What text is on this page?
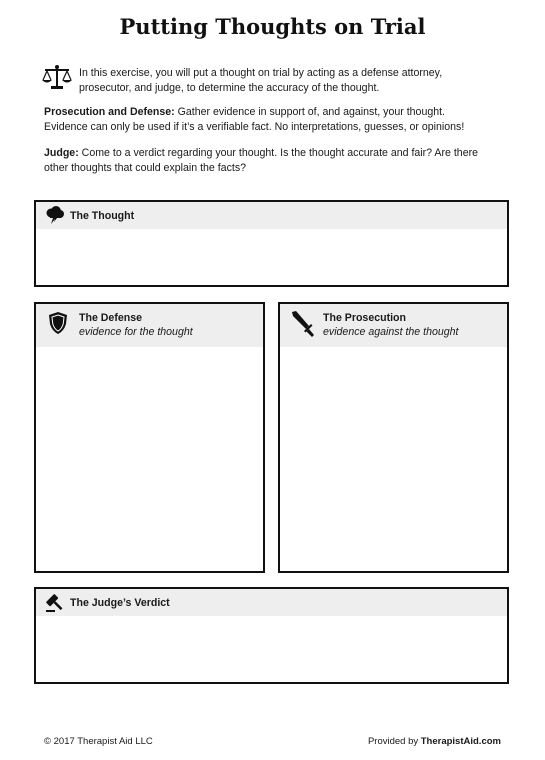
Putting Thoughts on Trial
In this exercise, you will put a thought on trial by acting as a defense attorney, prosecutor, and judge, to determine the accuracy of the thought.
Prosecution and Defense: Gather evidence in support of, and against, your thought. Evidence can only be used if it’s a verifiable fact. No interpretations, guesses, or opinions!
Judge: Come to a verdict regarding your thought. Is the thought accurate and fair? Are there other thoughts that could explain the facts?
The Thought
The Defense
evidence for the thought
The Prosecution
evidence against the thought
The Judge’s Verdict
© 2017 Therapist Aid LLC	Provided by TherapistAid.com
